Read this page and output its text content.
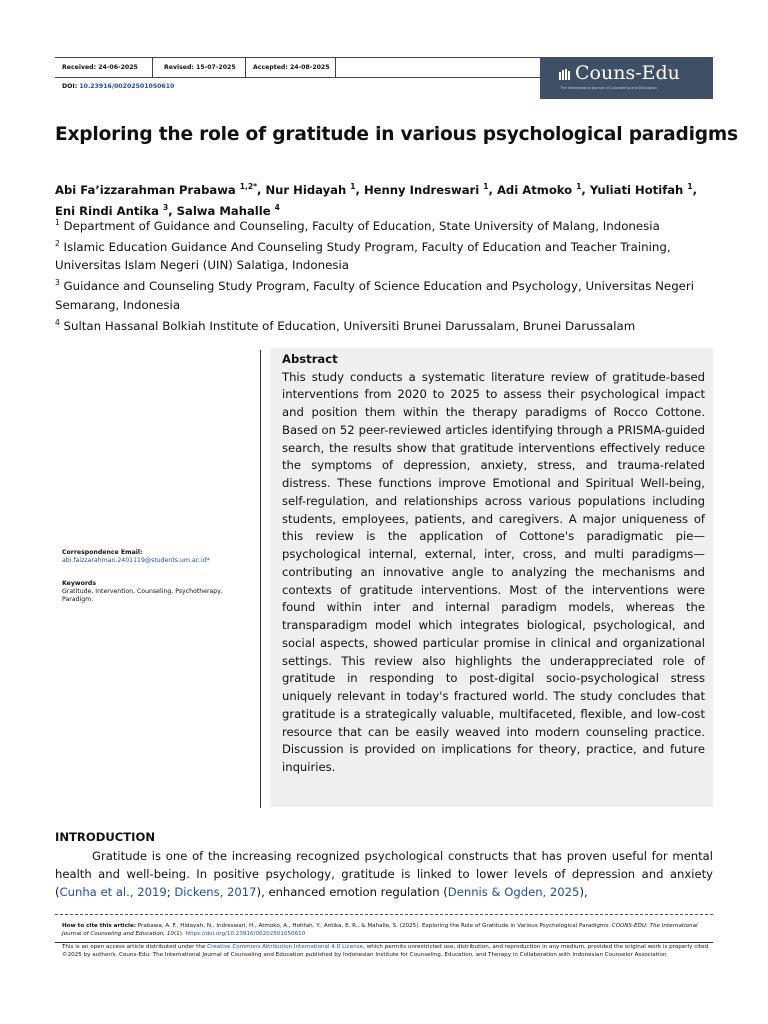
Received: 24-06-2025	Revised: 15-07-2025	Accepted: 24-08-2025
DOI: 10.23916/00202501050610
Couns-Edu
The International Journal of Counseling and Education
Exploring the role of gratitude in various psychological paradigms
Abi Fa’izzarahman Prabawa $^{1,2*}$, Nur Hidayah $^1$, Henny Indreswari $^1$, Adi Atmoko $^1$, Yuliati Hotifah $^1$, Eni Rindi Antika $^3$, Salwa Mahalle $^4$

$^1$ Department of Guidance and Counseling, Faculty of Education, State University of Malang, Indonesia

$^2$ Islamic Education Guidance And Counseling Study Program, Faculty of Education and Teacher Training, Universitas Islam Negeri (UIN) Salatiga, Indonesia

$^3$ Guidance and Counseling Study Program, Faculty of Science Education and Psychology, Universitas Negeri Semarang, Indonesia

$^4$ Sultan Hassanal Bolkiah Institute of Education, Universiti Brunei Darussalam, Brunei Darussalam

Correspondence Email:
abi.faizzarahman.2401119@students.um.ac.id*
Keywords
Gratitude, Intervention, Counseling, Psychotherapy, Paradigm.
Abstract

This study conducts a systematic literature review of gratitude-based interventions from 2020 to 2025 to assess their psychological impact and position them within the therapy paradigms of Rocco Cottone. Based on 52 peer-reviewed articles identifying through a PRISMA-guided search, the results show that gratitude interventions effectively reduce the symptoms of depression, anxiety, stress, and trauma-related distress. These functions improve Emotional and Spiritual Well-being, self-regulation, and relationships across various populations including students, employees, patients, and caregivers. A major uniqueness of this review is the application of Cottone's paradigmatic pie—psychological internal, external, inter, cross, and multi paradigms—contributing an innovative angle to analyzing the mechanisms and contexts of gratitude interventions. Most of the interventions were found within inter and internal paradigm models, whereas the transparadigm model which integrates biological, psychological, and social aspects, showed particular promise in clinical and organizational settings. This review also highlights the underappreciated role of gratitude in responding to post-digital socio-psychological stress uniquely relevant in today's fractured world. The study concludes that gratitude is a strategically valuable, multifaceted, flexible, and low-cost resource that can be easily weaved into modern counseling practice. Discussion is provided on implications for theory, practice, and future inquiries.

INTRODUCTION

Gratitude is one of the increasing recognized psychological constructs that has proven useful for mental health and well-being. In positive psychology, gratitude is linked to lower levels of depression and anxiety (Cunha et al., 2019; Dickens, 2017), enhanced emotion regulation (Dennis & Ogden, 2025),

How to cite this article: Prabawa, A. F., Hidayah, N., Indreswari, H., Atmoko, A., Hotifah, Y., Antika, E. R., & Mahalle, S. (2025). Exploring the Role of Gratitude in Various Psychological Paradigms. COUNS-EDU: The International Journal of Counseling and Education, 10(1). https://doi.org/10.23916/00202501050610
This is an open access article distributed under the Creative Commons Attribution International 4.0 License, which permits unrestricted use, distribution, and reproduction in any medium, provided the original work is properly cited. ©2025 by author/s. Couns-Edu: The International Journal of Counseling and Education published by Indonesian Institute for Counseling, Education, and Therapy in Collaboration with Indonesian Counselor Association
